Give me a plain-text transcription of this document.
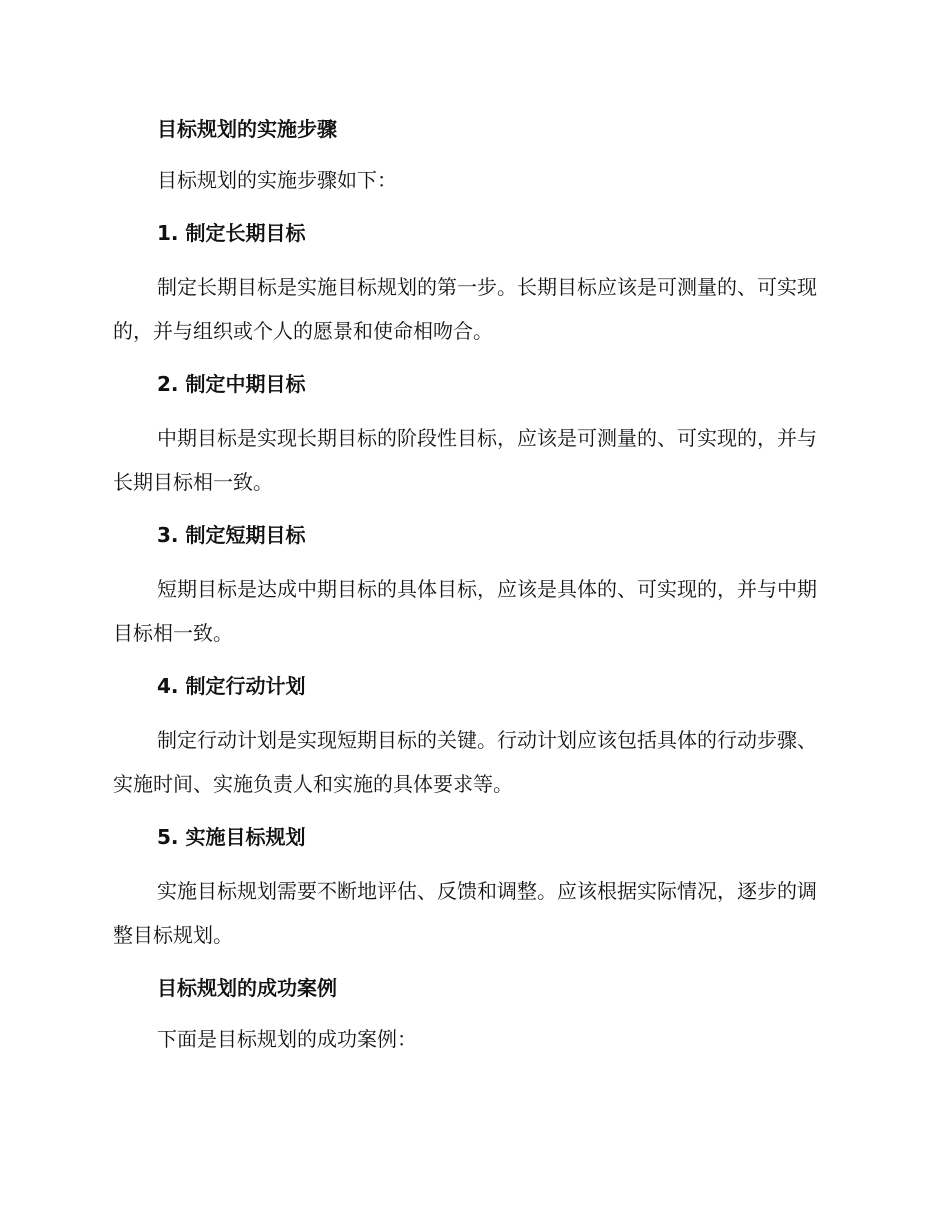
目标规划的实施步骤

目标规划的实施步骤如下：

1. 制定长期目标

制定长期目标是实施目标规划的第一步。长期目标应该是可测量的、可实现的，并与组织或个人的愿景和使命相吻合。

2. 制定中期目标

中期目标是实现长期目标的阶段性目标，应该是可测量的、可实现的，并与长期目标相一致。

3. 制定短期目标

短期目标是达成中期目标的具体目标，应该是具体的、可实现的，并与中期目标相一致。

4. 制定行动计划

制定行动计划是实现短期目标的关键。行动计划应该包括具体的行动步骤、实施时间、实施负责人和实施的具体要求等。

5. 实施目标规划

实施目标规划需要不断地评估、反馈和调整。应该根据实际情况，逐步的调整目标规划。

目标规划的成功案例

下面是目标规划的成功案例：
